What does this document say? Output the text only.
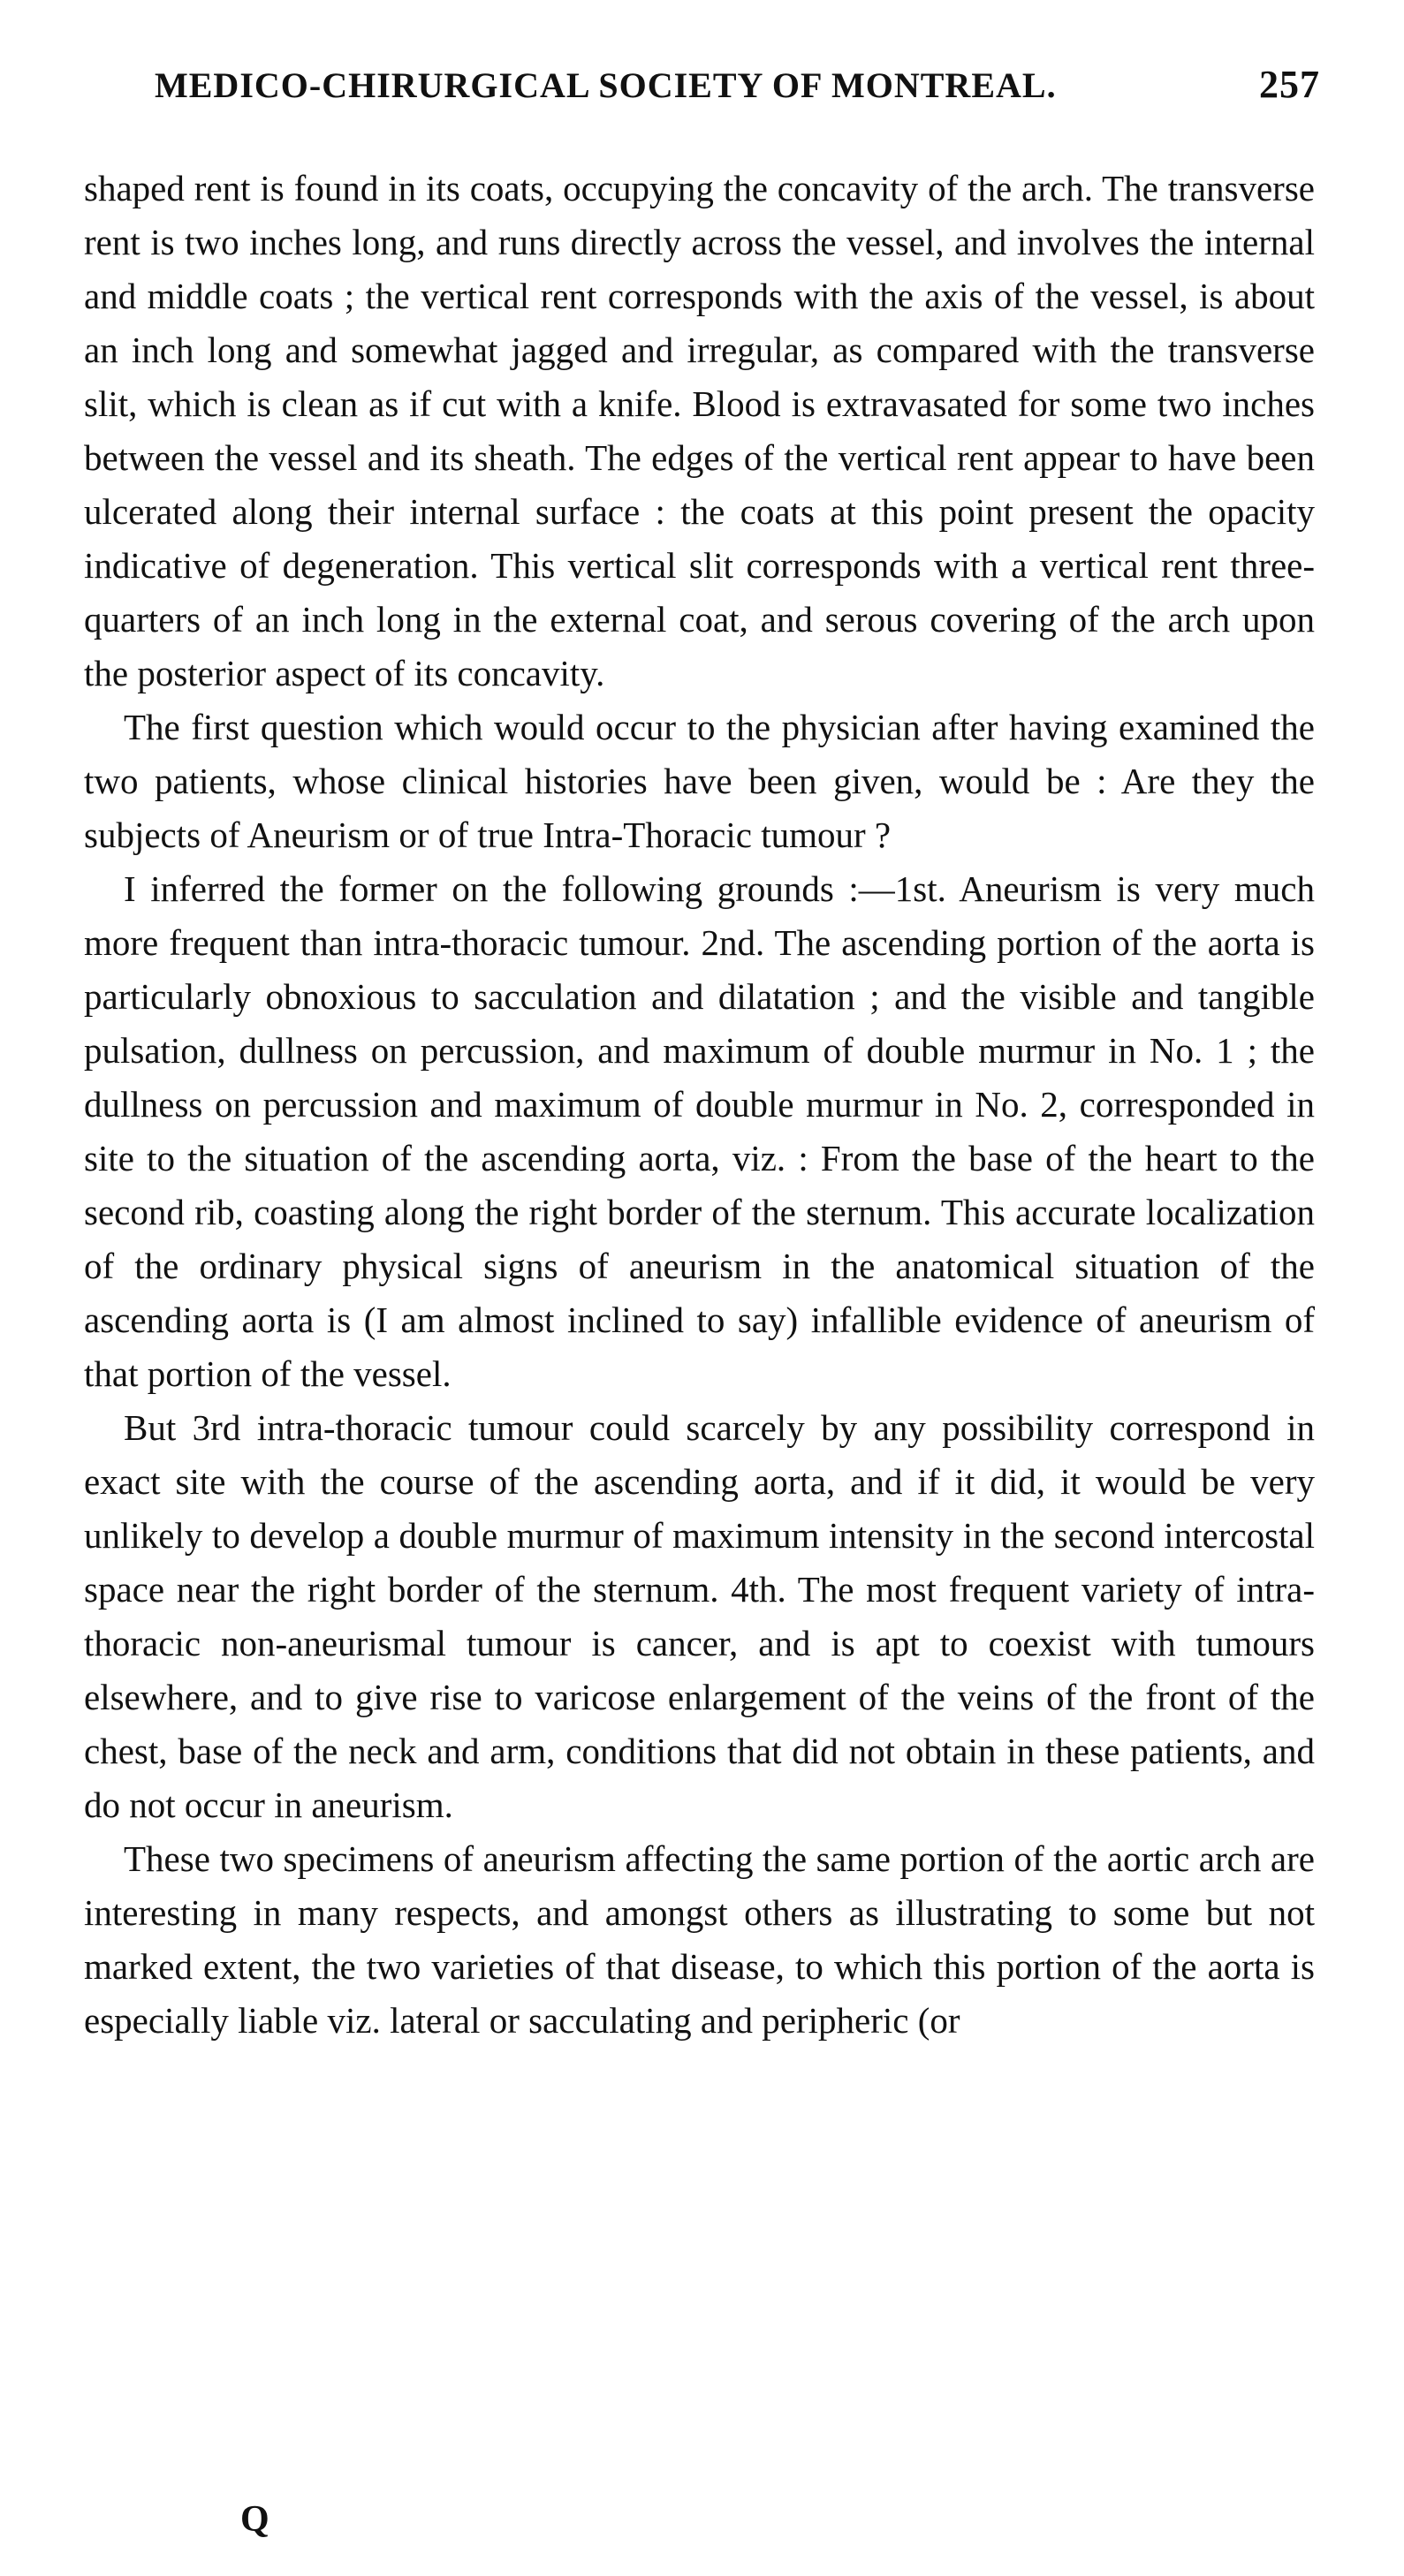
MEDICO-CHIRURGICAL SOCIETY OF MONTREAL.	257

shaped rent is found in its coats, occupying the concavity of the arch. The transverse rent is two inches long, and runs directly across the vessel, and involves the internal and middle coats ; the vertical rent corresponds with the axis of the vessel, is about an inch long and somewhat jagged and irregular, as compared with the transverse slit, which is clean as if cut with a knife. Blood is extravasated for some two inches between the vessel and its sheath. The edges of the vertical rent appear to have been ulcerated along their internal surface : the coats at this point present the opacity indicative of degeneration. This vertical slit corresponds with a vertical rent three-quarters of an inch long in the external coat, and serous covering of the arch upon the posterior aspect of its concavity.

The first question which would occur to the physician after having examined the two patients, whose clinical histories have been given, would be : Are they the subjects of Aneurism or of true Intra-Thoracic tumour ?

I inferred the former on the following grounds :—1st. Aneurism is very much more frequent than intra-thoracic tumour. 2nd. The ascending portion of the aorta is particularly obnoxious to sacculation and dilatation ; and the visible and tangible pulsation, dullness on percussion, and maximum of double murmur in No. 1 ; the dullness on percussion and maximum of double murmur in No. 2, corresponded in site to the situation of the ascending aorta, viz. : From the base of the heart to the second rib, coasting along the right border of the sternum. This accurate localization of the ordinary physical signs of aneurism in the anatomical situation of the ascending aorta is (I am almost inclined to say) infallible evidence of aneurism of that portion of the vessel.

But 3rd intra-thoracic tumour could scarcely by any possibility correspond in exact site with the course of the ascending aorta, and if it did, it would be very unlikely to develop a double murmur of maximum intensity in the second intercostal space near the right border of the sternum. 4th. The most frequent variety of intra-thoracic non-aneurismal tumour is cancer, and is apt to coexist with tumours elsewhere, and to give rise to varicose enlargement of the veins of the front of the chest, base of the neck and arm, conditions that did not obtain in these patients, and do not occur in aneurism.

These two specimens of aneurism affecting the same portion of the aortic arch are interesting in many respects, and amongst others as illustrating to some but not marked extent, the two varieties of that disease, to which this portion of the aorta is especially liable viz. lateral or sacculating and peripheric (or

Q
